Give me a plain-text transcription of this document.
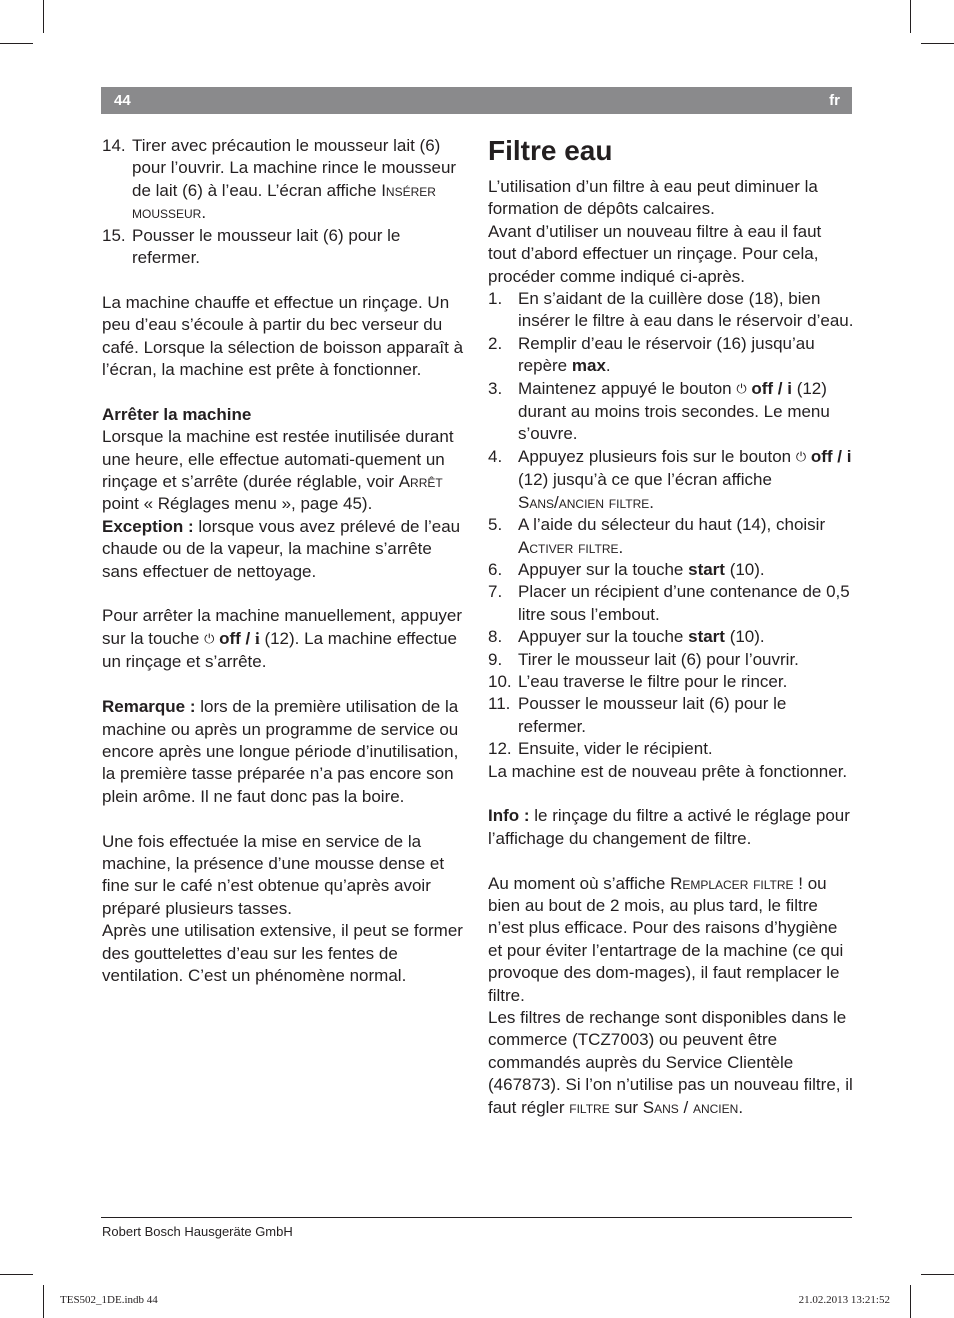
44	fr
14. Tirer avec précaution le mousseur lait (6) pour l’ouvrir. La machine rince le mousseur de lait (6) à l’eau. L’écran affiche Insérer mousseur.
15. Pousser le mousseur lait (6) pour le refermer.

La machine chauffe et effectue un rinçage. Un peu d’eau s’écoule à partir du bec verseur du café. Lorsque la sélection de boisson apparaît à l’écran, la machine est prête à fonctionner.

Arrêter la machine

Lorsque la machine est restée inutilisée durant une heure, elle effectue automati-quement un rinçage et s’arrête (durée réglable, voir Arrêt point « Réglages menu », page 45).

Exception : lorsque vous avez prélevé de l’eau chaude ou de la vapeur, la machine s’arrête sans effectuer de nettoyage.

Pour arrêter la machine manuellement, appuyer sur la touche ⏻ off / i (12). La machine effectue un rinçage et s’arrête.

Remarque : lors de la première utilisation de la machine ou après un programme de service ou encore après une longue période d’inutilisation, la première tasse préparée n’a pas encore son plein arôme. Il ne faut donc pas la boire.

Une fois effectuée la mise en service de la machine, la présence d’une mousse dense et fine sur le café n’est obtenue qu’après avoir préparé plusieurs tasses.

Après une utilisation extensive, il peut se former des gouttelettes d’eau sur les fentes de ventilation. C’est un phénomène normal.

Filtre eau

L’utilisation d’un filtre à eau peut diminuer la formation de dépôts calcaires.

Avant d’utiliser un nouveau filtre à eau il faut tout d’abord effectuer un rinçage. Pour cela, procéder comme indiqué ci-après.

1. En s’aidant de la cuillère dose (18), bien insérer le filtre à eau dans le réservoir d’eau.
2. Remplir d’eau le réservoir (16) jusqu’au repère max.
3. Maintenez appuyé le bouton ⏻ off / i (12) durant au moins trois secondes. Le menu s’ouvre.
4. Appuyez plusieurs fois sur le bouton ⏻ off / i (12) jusqu’à ce que l’écran affiche Sans/ancien filtre.
5. A l’aide du sélecteur du haut (14), choisir Activer filtre.
6. Appuyer sur la touche start (10).
7. Placer un récipient d’une contenance de 0,5 litre sous l’embout.
8. Appuyer sur la touche start (10).
9. Tirer le mousseur lait (6) pour l’ouvrir.
10. L’eau traverse le filtre pour le rincer.
11. Pousser le mousseur lait (6) pour le refermer.
12. Ensuite, vider le récipient.

La machine est de nouveau prête à fonctionner.

Info : le rinçage du filtre a activé le réglage pour l’affichage du changement de filtre.

Au moment où s’affiche Remplacer filtre ! ou bien au bout de 2 mois, au plus tard, le filtre n’est plus efficace. Pour des raisons d’hygiène et pour éviter l’entartrage de la machine (ce qui provoque des dom-mages), il faut remplacer le filtre.

Les filtres de rechange sont disponibles dans le commerce (TCZ7003) ou peuvent être commandés auprès du Service Clientèle (467873). Si l’on n’utilise pas un nouveau filtre, il faut régler filtre sur Sans / ancien.

Robert Bosch Hausgeräte GmbH
TES502_1DE.indb 44	21.02.2013 13:21:52
